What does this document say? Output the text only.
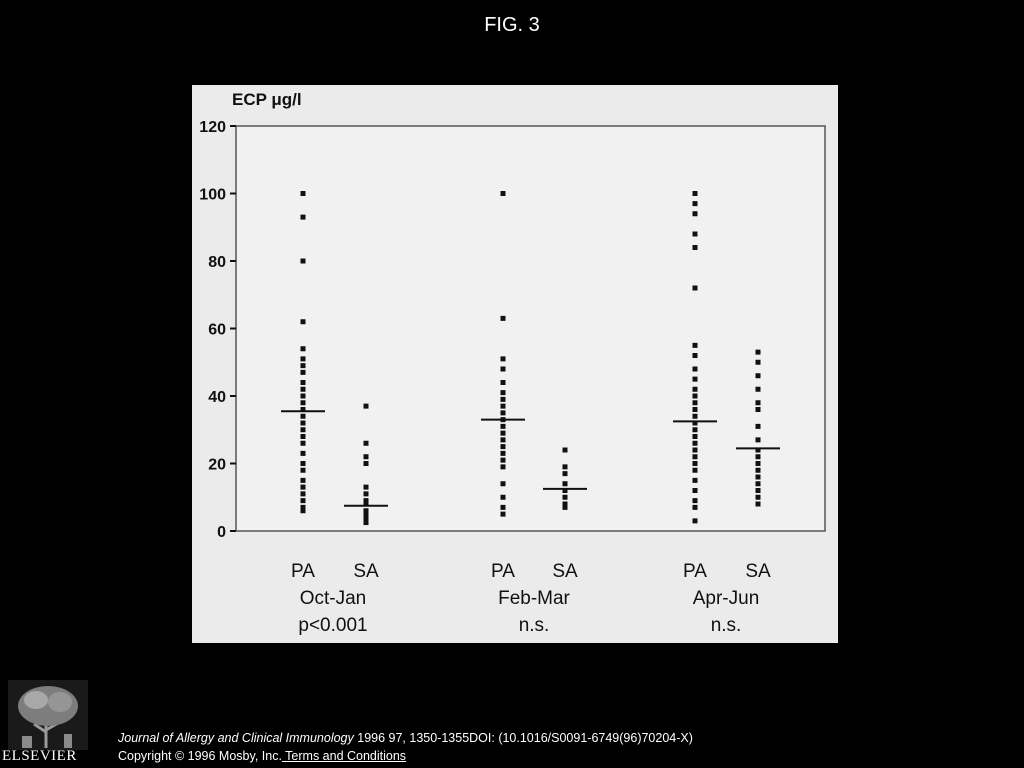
FIG. 3
ECP μg/l
0
20
40
60
80
100
120
PA SA
Oct-Jan
p<0.001
PA SA
Feb-Mar
n.s.
PA SA
Apr-Jun
n.s.
ELSEVIER
Journal of Allergy and Clinical Immunology 1996 97, 1350-1355DOI: (10.1016/S0091-6749(96)70204-X)
Copyright © 1996 Mosby, Inc. Terms and Conditions
